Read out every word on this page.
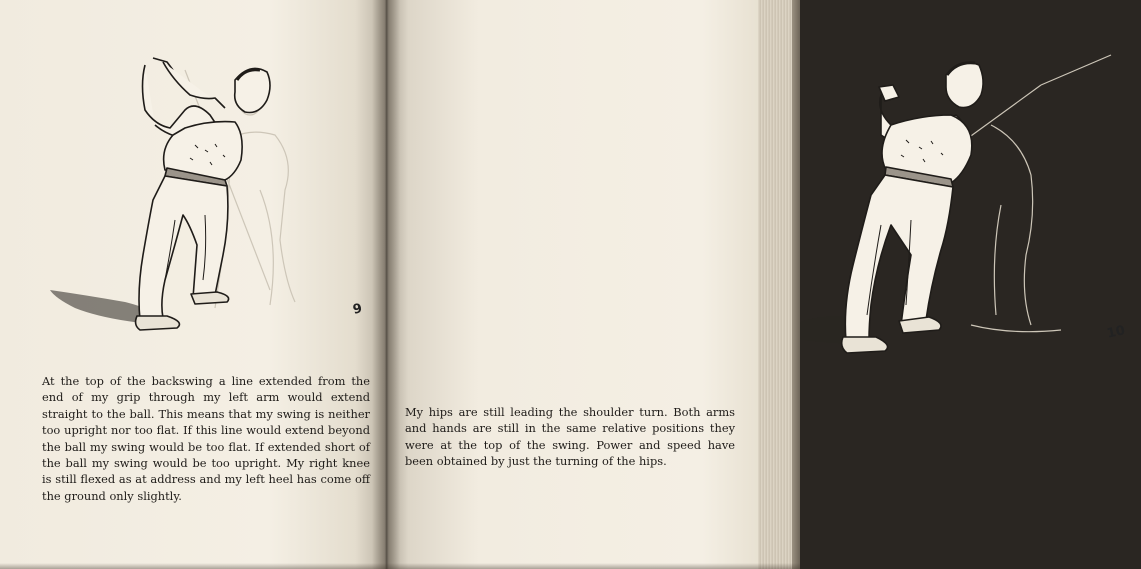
9

At the top of the backswing a line extended from the end of my grip through my left arm would extend straight to the ball. This means that my swing is neither too upright nor too flat. If this line would extend beyond the ball my swing would be too flat. If extended short of the ball my swing would be too upright. My right knee is still flexed as at address and my left heel has come off the ground only slightly.

10

My hips are still leading the shoulder turn. Both arms and hands are still in the same relative positions they were at the top of the swing. Power and speed have been obtained by just the turning of the hips.
